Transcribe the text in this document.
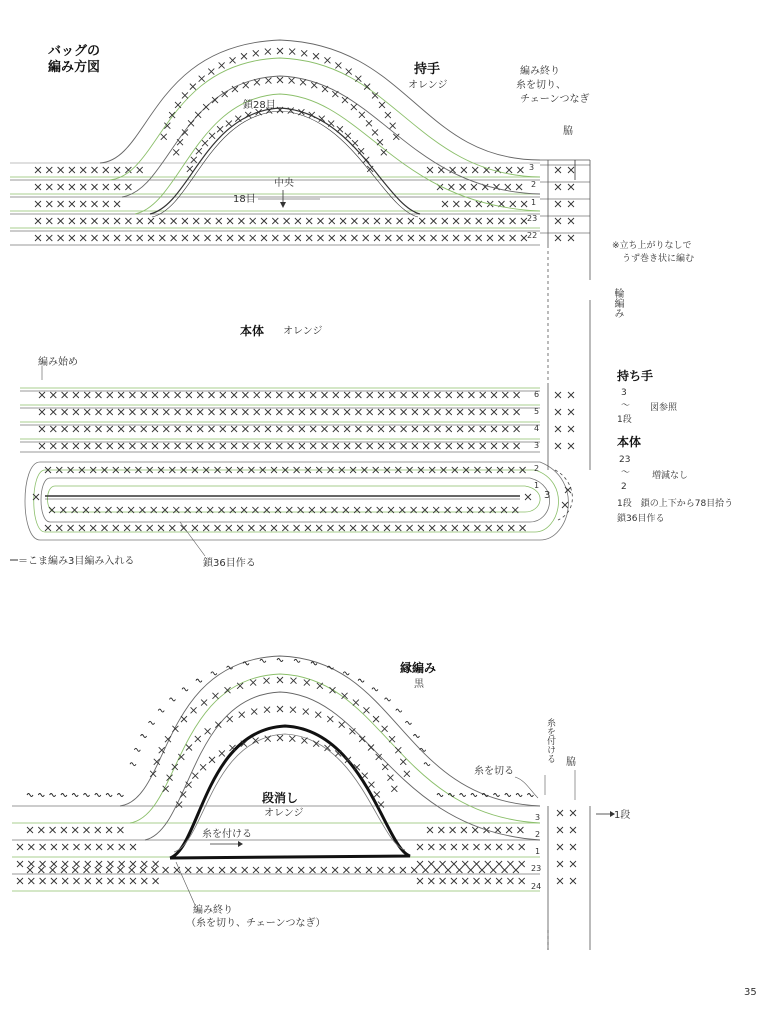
バッグの
編み方図	持手
オレンジ
鎖28目
中央
18目
編み終り
糸を切り、
チェーンつなぎ
脇
3
2
1
23
22
※立ち上がりなしで
うず巻き状に編む
輪編み
本体 オレンジ
編み始め
鎖36目作る
＝こま編み3目編み入れる
6
5
4
3
2
1
3
持ち手
3
〜
1段
図参照
本体
23
〜
2
増減なし
1段　鎖の上下から78目拾う
鎖36目作る
縁編み
黒
糸を付ける 脇
糸を切る
1段
段消し
オレンジ
糸を付ける
編み終り
（糸を切り、チェーンつなぎ）
3
2
1
23
24
35
